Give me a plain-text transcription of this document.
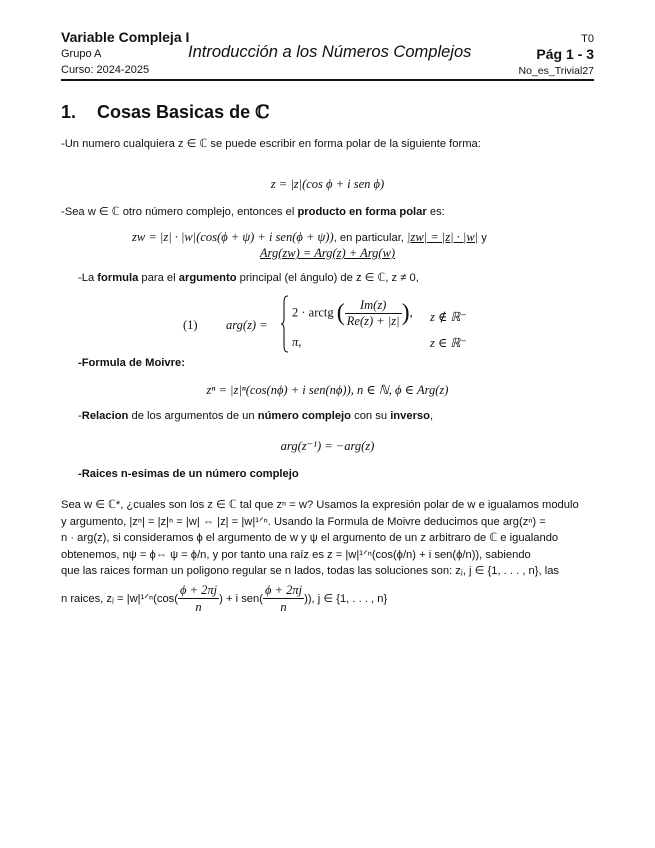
Variable Compleja I
Grupo A
Curso: 2024-2025
Introducción a los Números Complejos
T0
Pág 1 - 3
No_es_Trivial27
1. Cosas Basicas de ℂ
-Un numero cualquiera z ∈ ℂ se puede escribir en forma polar de la siguiente forma:
z = |z|(cos ϕ + i sen ϕ)
-Sea w ∈ ℂ otro número complejo, entonces el producto en forma polar es:
zw = |z| · |w|(cos(ϕ + ψ) + i sen(ϕ + ψ)), en particular, |zw| = |z| · |w| y
Arg(zw) = Arg(z) + Arg(w)
-La formula para el argumento principal (el ángulo) de z ∈ ℂ, z ≠ 0,
(1) arg(z) =
2 · arctg ( $\frac{Im(z)}{Re(z) + |z|}$ ), z ∉ ℝ⁻
π,	z ∈ ℝ⁻
-Formula de Moivre:
zⁿ = |z|ⁿ(cos(nϕ) + i sen(nϕ)), n ∈ ℕ, ϕ ∈ Arg(z)
-Relacion de los argumentos de un número complejo con su inverso,
arg(z⁻¹) = −arg(z)
-Raices n-esimas de un número complejo
Sea w ∈ ℂ*, ¿cuales son los z ∈ ℂ tal que zⁿ = w? Usamos la expresión polar de w e igualamos modulo
y argumento, |zⁿ| = |z|ⁿ = |w| ⇔ |z| = |w|¹ᐟⁿ. Usando la Formula de Moivre deducimos que arg(zⁿ) =
n · arg(z), si consideramos ϕ el argumento de w y ψ el argumento de un z arbitraro de ℂ e igualando
obtenemos, nψ = ϕ⇔ ψ = ϕ/n, y por tanto una raíz es z = |w|¹ᐟⁿ(cos(ϕ/n) + i sen(ϕ/n)), sabiendo
que las raices forman un poligono regular se n lados, todas las soluciones son: zⱼ, j ∈ {1, . . . , n}, las
n raices, zⱼ = |w|¹ᐟⁿ(cos( $\frac{\phi + 2\pi j}{n}$ ) + i $sen( \frac{\phi + 2\pi j}{n}$ )), j ∈ {1, . . . , n}
